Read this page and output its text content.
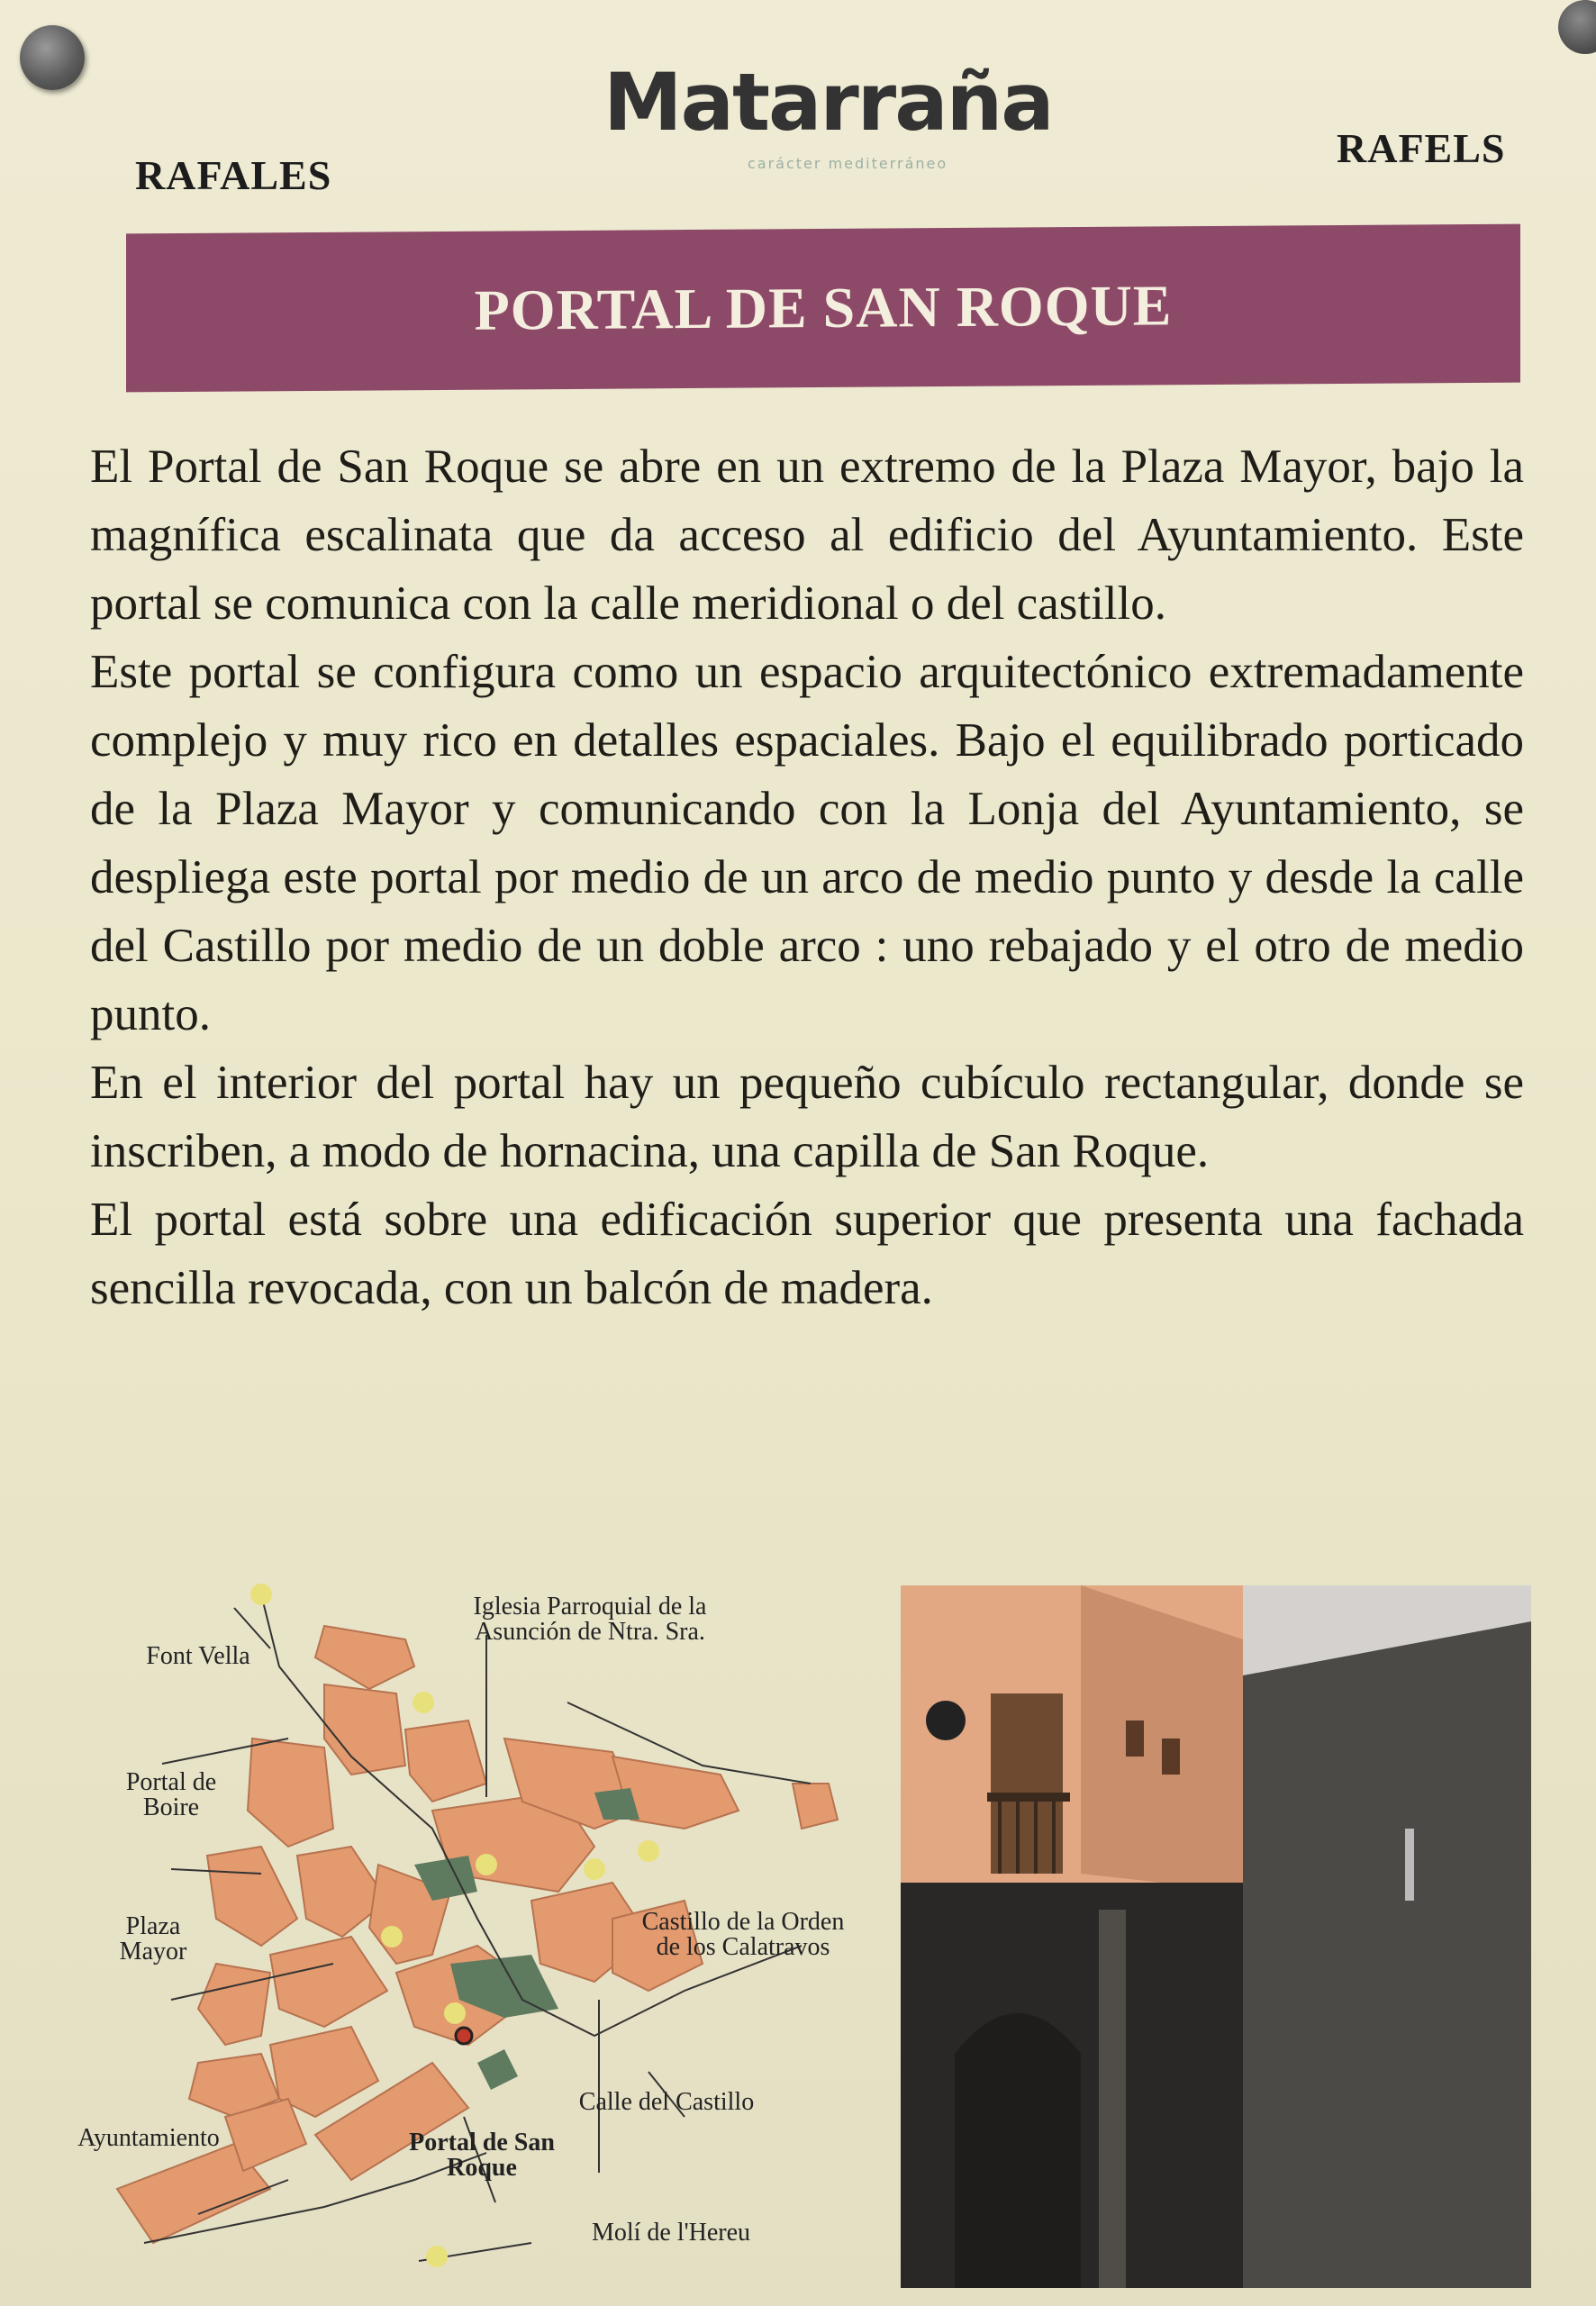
RAFALES
RAFELS
Matarraña
carácter mediterráneo
PORTAL DE SAN ROQUE

El Portal de San Roque se abre en un extremo de la Plaza Mayor, bajo la magnífica escalinata que da acceso al edificio del Ayuntamiento. Este portal se comunica con la calle meridional o del castillo.

Este portal se configura como un espacio arquitectónico extremadamente complejo y muy rico en detalles espaciales. Bajo el equilibrado porticado de la Plaza Mayor y comunicando con la Lonja del Ayuntamiento, se despliega este portal por medio de un arco de medio punto y desde la calle del Castillo por medio de un doble arco : uno rebajado y el otro de medio punto.

En el interior del portal hay un pequeño cubículo rectangular, donde se inscriben, a modo de hornacina, una capilla de San Roque.

El portal está sobre una edificación superior que presenta una fachada sencilla revocada, con un balcón de madera.

Iglesia Parroquial de la Asunción de Ntra. Sra.
Font Vella
Portal de Boire
Plaza Mayor
Castillo de la Orden de los Calatravos
Ayuntamiento	Portal de San Roque
Calle del Castillo
Molí de l'Hereu
